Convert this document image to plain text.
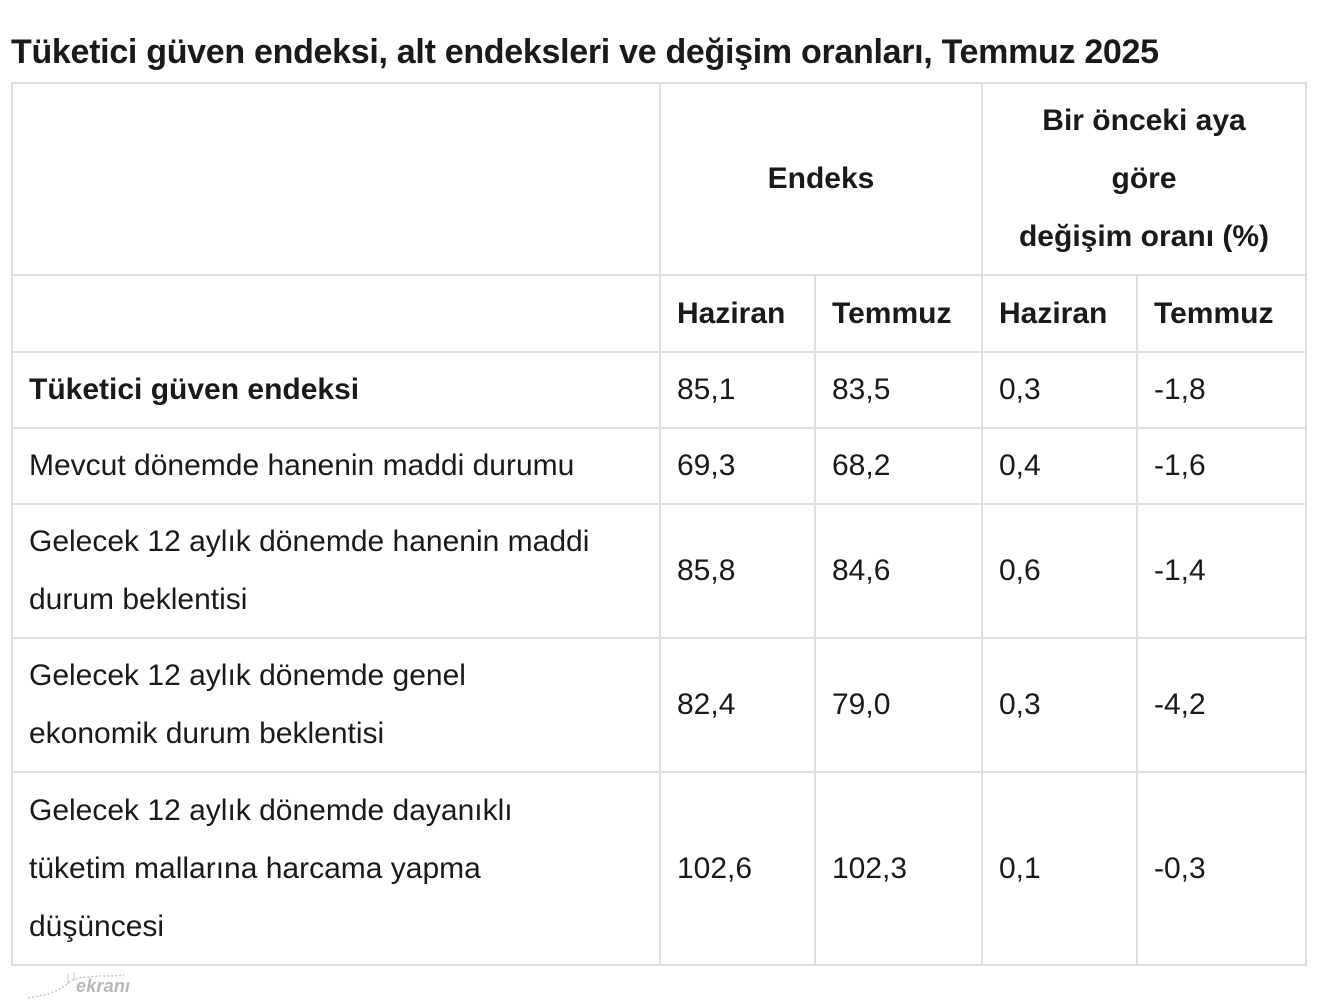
Tüketici güven endeksi, alt endeksleri ve değişim oranları, Temmuz 2025
	Endeks		Bir önceki aya
göre
değişim oranı (%)	

	Haziran	Temmuz	Haziran	Temmuz
Tüketici güven endeksi	85,1	83,5	0,3	-1,8
Mevcut dönemde hanenin maddi durumu	69,3	68,2	0,4	-1,6

Gelecek 12 aylık dönemde hanenin maddi
durum beklentisi	85,8	84,6	0,6	-1,4

Gelecek 12 aylık dönemde genel
ekonomik durum beklentisi	82,4	79,0	0,3	-4,2

Gelecek 12 aylık dönemde dayanıklı
tüketim mallarına harcama yapma
düşüncesi	102,6	102,3	0,1	-0,3
ekranı
